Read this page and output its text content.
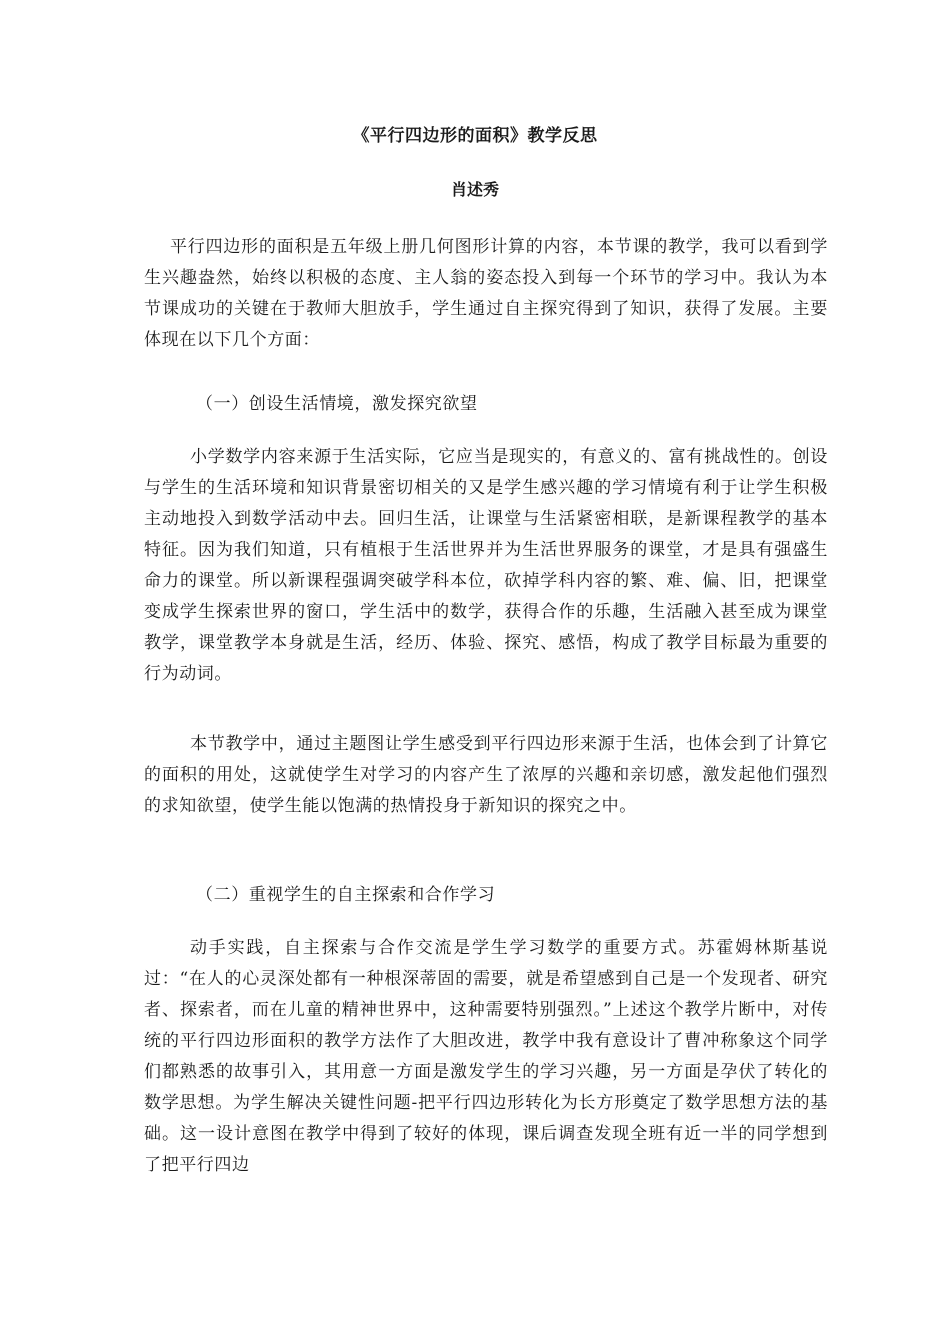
《平行四边形的面积》教学反思
肖述秀

平行四边形的面积是五年级上册几何图形计算的内容，本节课的教学，我可以看到学生兴趣盎然，始终以积极的态度、主人翁的姿态投入到每一个环节的学习中。我认为本节课成功的关键在于教师大胆放手，学生通过自主探究得到了知识，获得了发展。主要体现在以下几个方面：

（一）创设生活情境，激发探究欲望

小学数学内容来源于生活实际，它应当是现实的，有意义的、富有挑战性的。创设与学生的生活环境和知识背景密切相关的又是学生感兴趣的学习情境有利于让学生积极主动地投入到数学活动中去。回归生活，让课堂与生活紧密相联，是新课程教学的基本特征。因为我们知道，只有植根于生活世界并为生活世界服务的课堂，才是具有强盛生命力的课堂。所以新课程强调突破学科本位，砍掉学科内容的繁、难、偏、旧，把课堂变成学生探索世界的窗口，学生活中的数学，获得合作的乐趣，生活融入甚至成为课堂教学，课堂教学本身就是生活，经历、体验、探究、感悟，构成了教学目标最为重要的行为动词。

本节教学中，通过主题图让学生感受到平行四边形来源于生活，也体会到了计算它的面积的用处，这就使学生对学习的内容产生了浓厚的兴趣和亲切感，激发起他们强烈的求知欲望，使学生能以饱满的热情投身于新知识的探究之中。

（二）重视学生的自主探索和合作学习

动手实践，自主探索与合作交流是学生学习数学的重要方式。苏霍姆林斯基说过：“在人的心灵深处都有一种根深蒂固的需要，就是希望感到自己是一个发现者、研究者、探索者，而在儿童的精神世界中，这种需要特别强烈。”上述这个教学片断中，对传统的平行四边形面积的教学方法作了大胆改进，教学中我有意设计了曹冲称象这个同学们都熟悉的故事引入，其用意一方面是激发学生的学习兴趣，另一方面是孕伏了转化的数学思想。为学生解决关键性问题-把平行四边形转化为长方形奠定了数学思想方法的基础。这一设计意图在教学中得到了较好的体现，课后调查发现全班有近一半的同学想到了把平行四边
